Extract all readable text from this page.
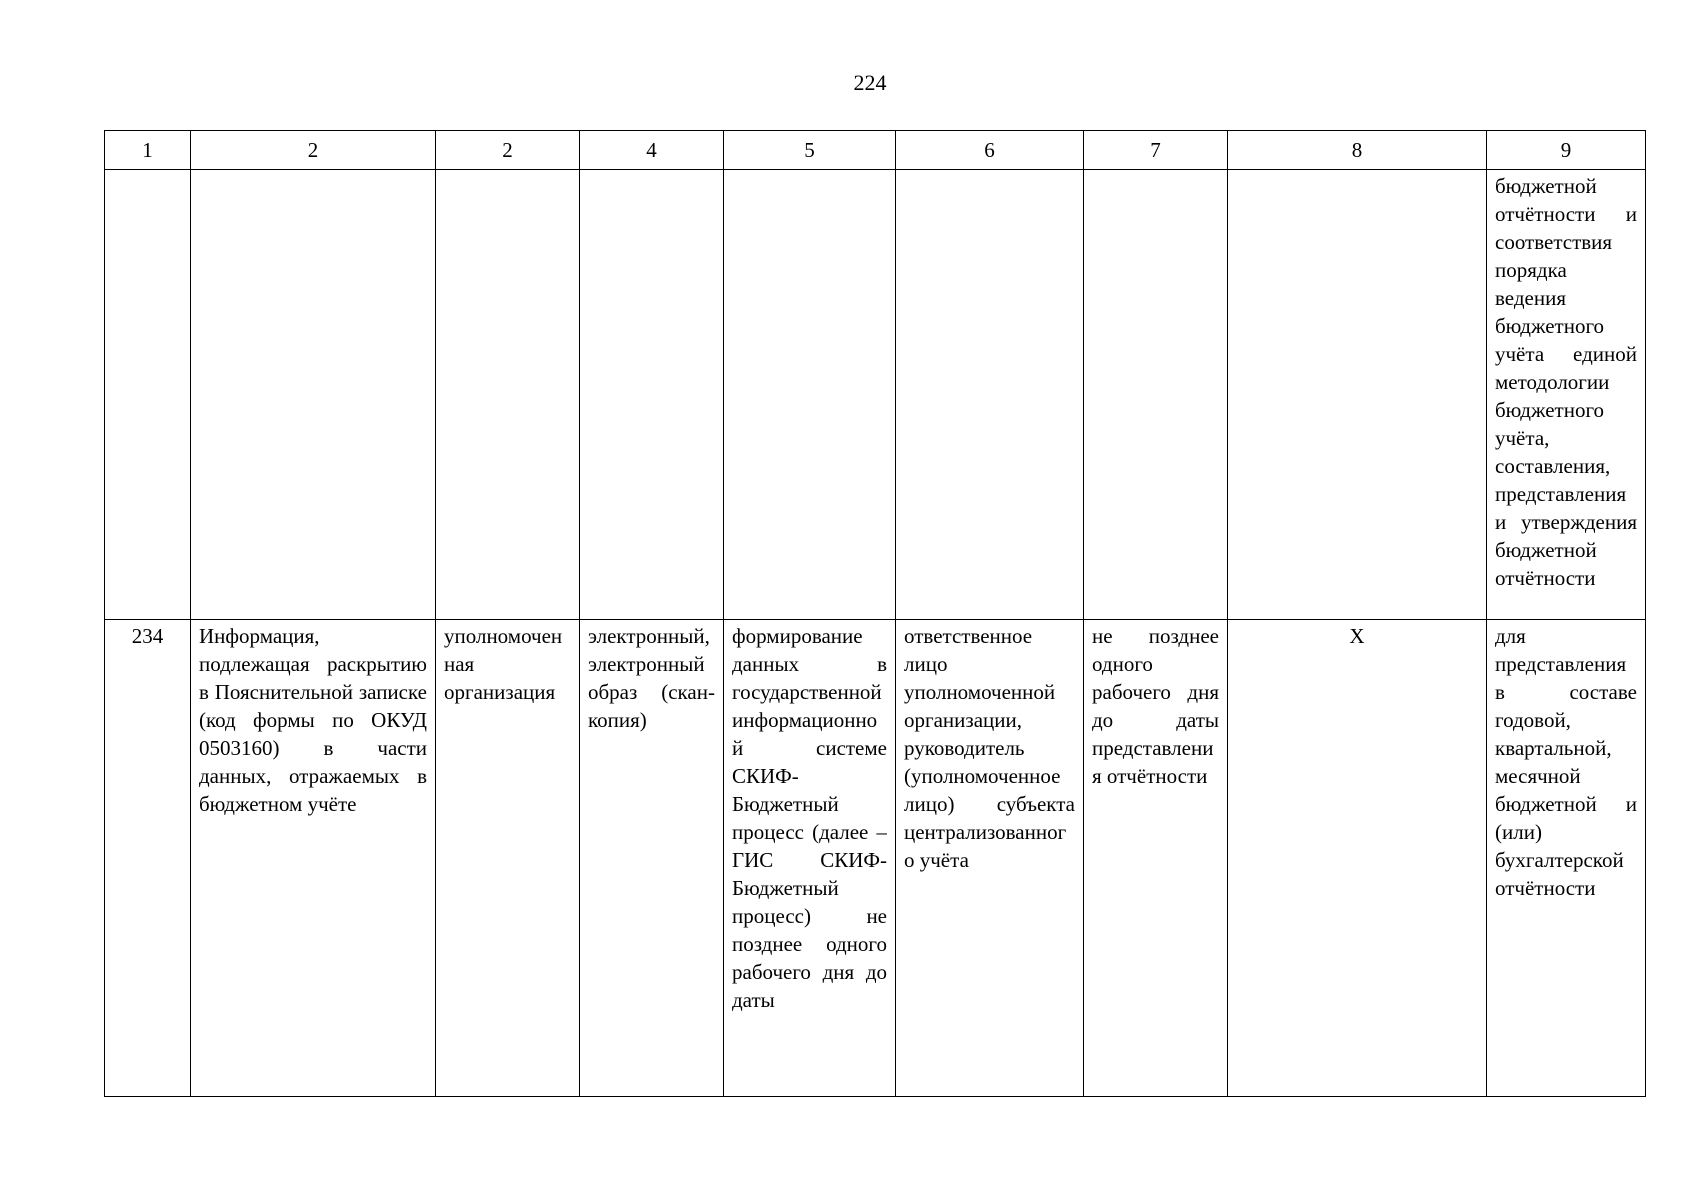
224
1	2	2	4	5	6	7	8	9
								бюджетной отчётности и соответствия порядка ведения бюджетного учёта единой методологии бюджетного учёта, составления, представления и утверждения бюджетной отчётности
234	Информация, подлежащая раскрытию в Пояснительной записке (код формы по ОКУД 0503160) в части данных, отражаемых в бюджетном учёте	уполномоченная организация	электронный, электронный образ (скан-копия)	формирование данных в государственной информационной системе СКИФ-Бюджетный процесс (далее – ГИС СКИФ-Бюджетный процесс) не позднее одного рабочего дня до даты	ответственное лицо уполномоченной организации, руководитель (уполномоченное лицо) субъекта централизованного учёта	не позднее одного рабочего дня до даты представления отчётности	X	для представления в составе годовой, квартальной, месячной бюджетной и (или) бухгалтерской отчётности
